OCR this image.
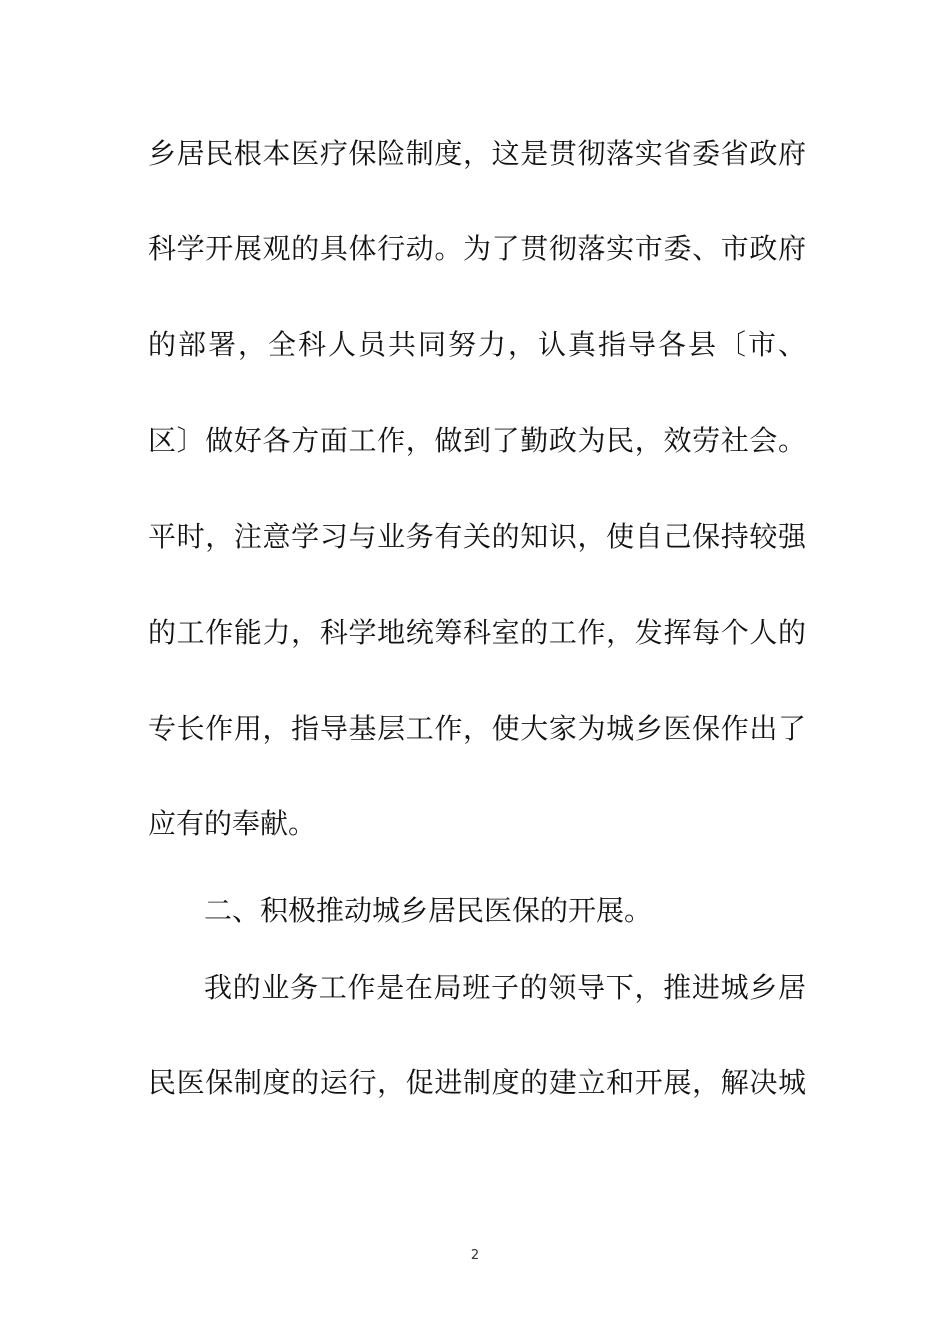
乡居民根本医疗保险制度，这是贯彻落实省委省政府
科学开展观的具体行动。为了贯彻落实市委、市政府
的部署，全科人员共同努力，认真指导各县〔市、
区〕做好各方面工作，做到了勤政为民，效劳社会。
平时，注意学习与业务有关的知识，使自己保持较强
的工作能力，科学地统筹科室的工作，发挥每个人的
专长作用，指导基层工作，使大家为城乡医保作出了
应有的奉献。
二、积极推动城乡居民医保的开展。
我的业务工作是在局班子的领导下，推进城乡居
民医保制度的运行，促进制度的建立和开展，解决城
2
